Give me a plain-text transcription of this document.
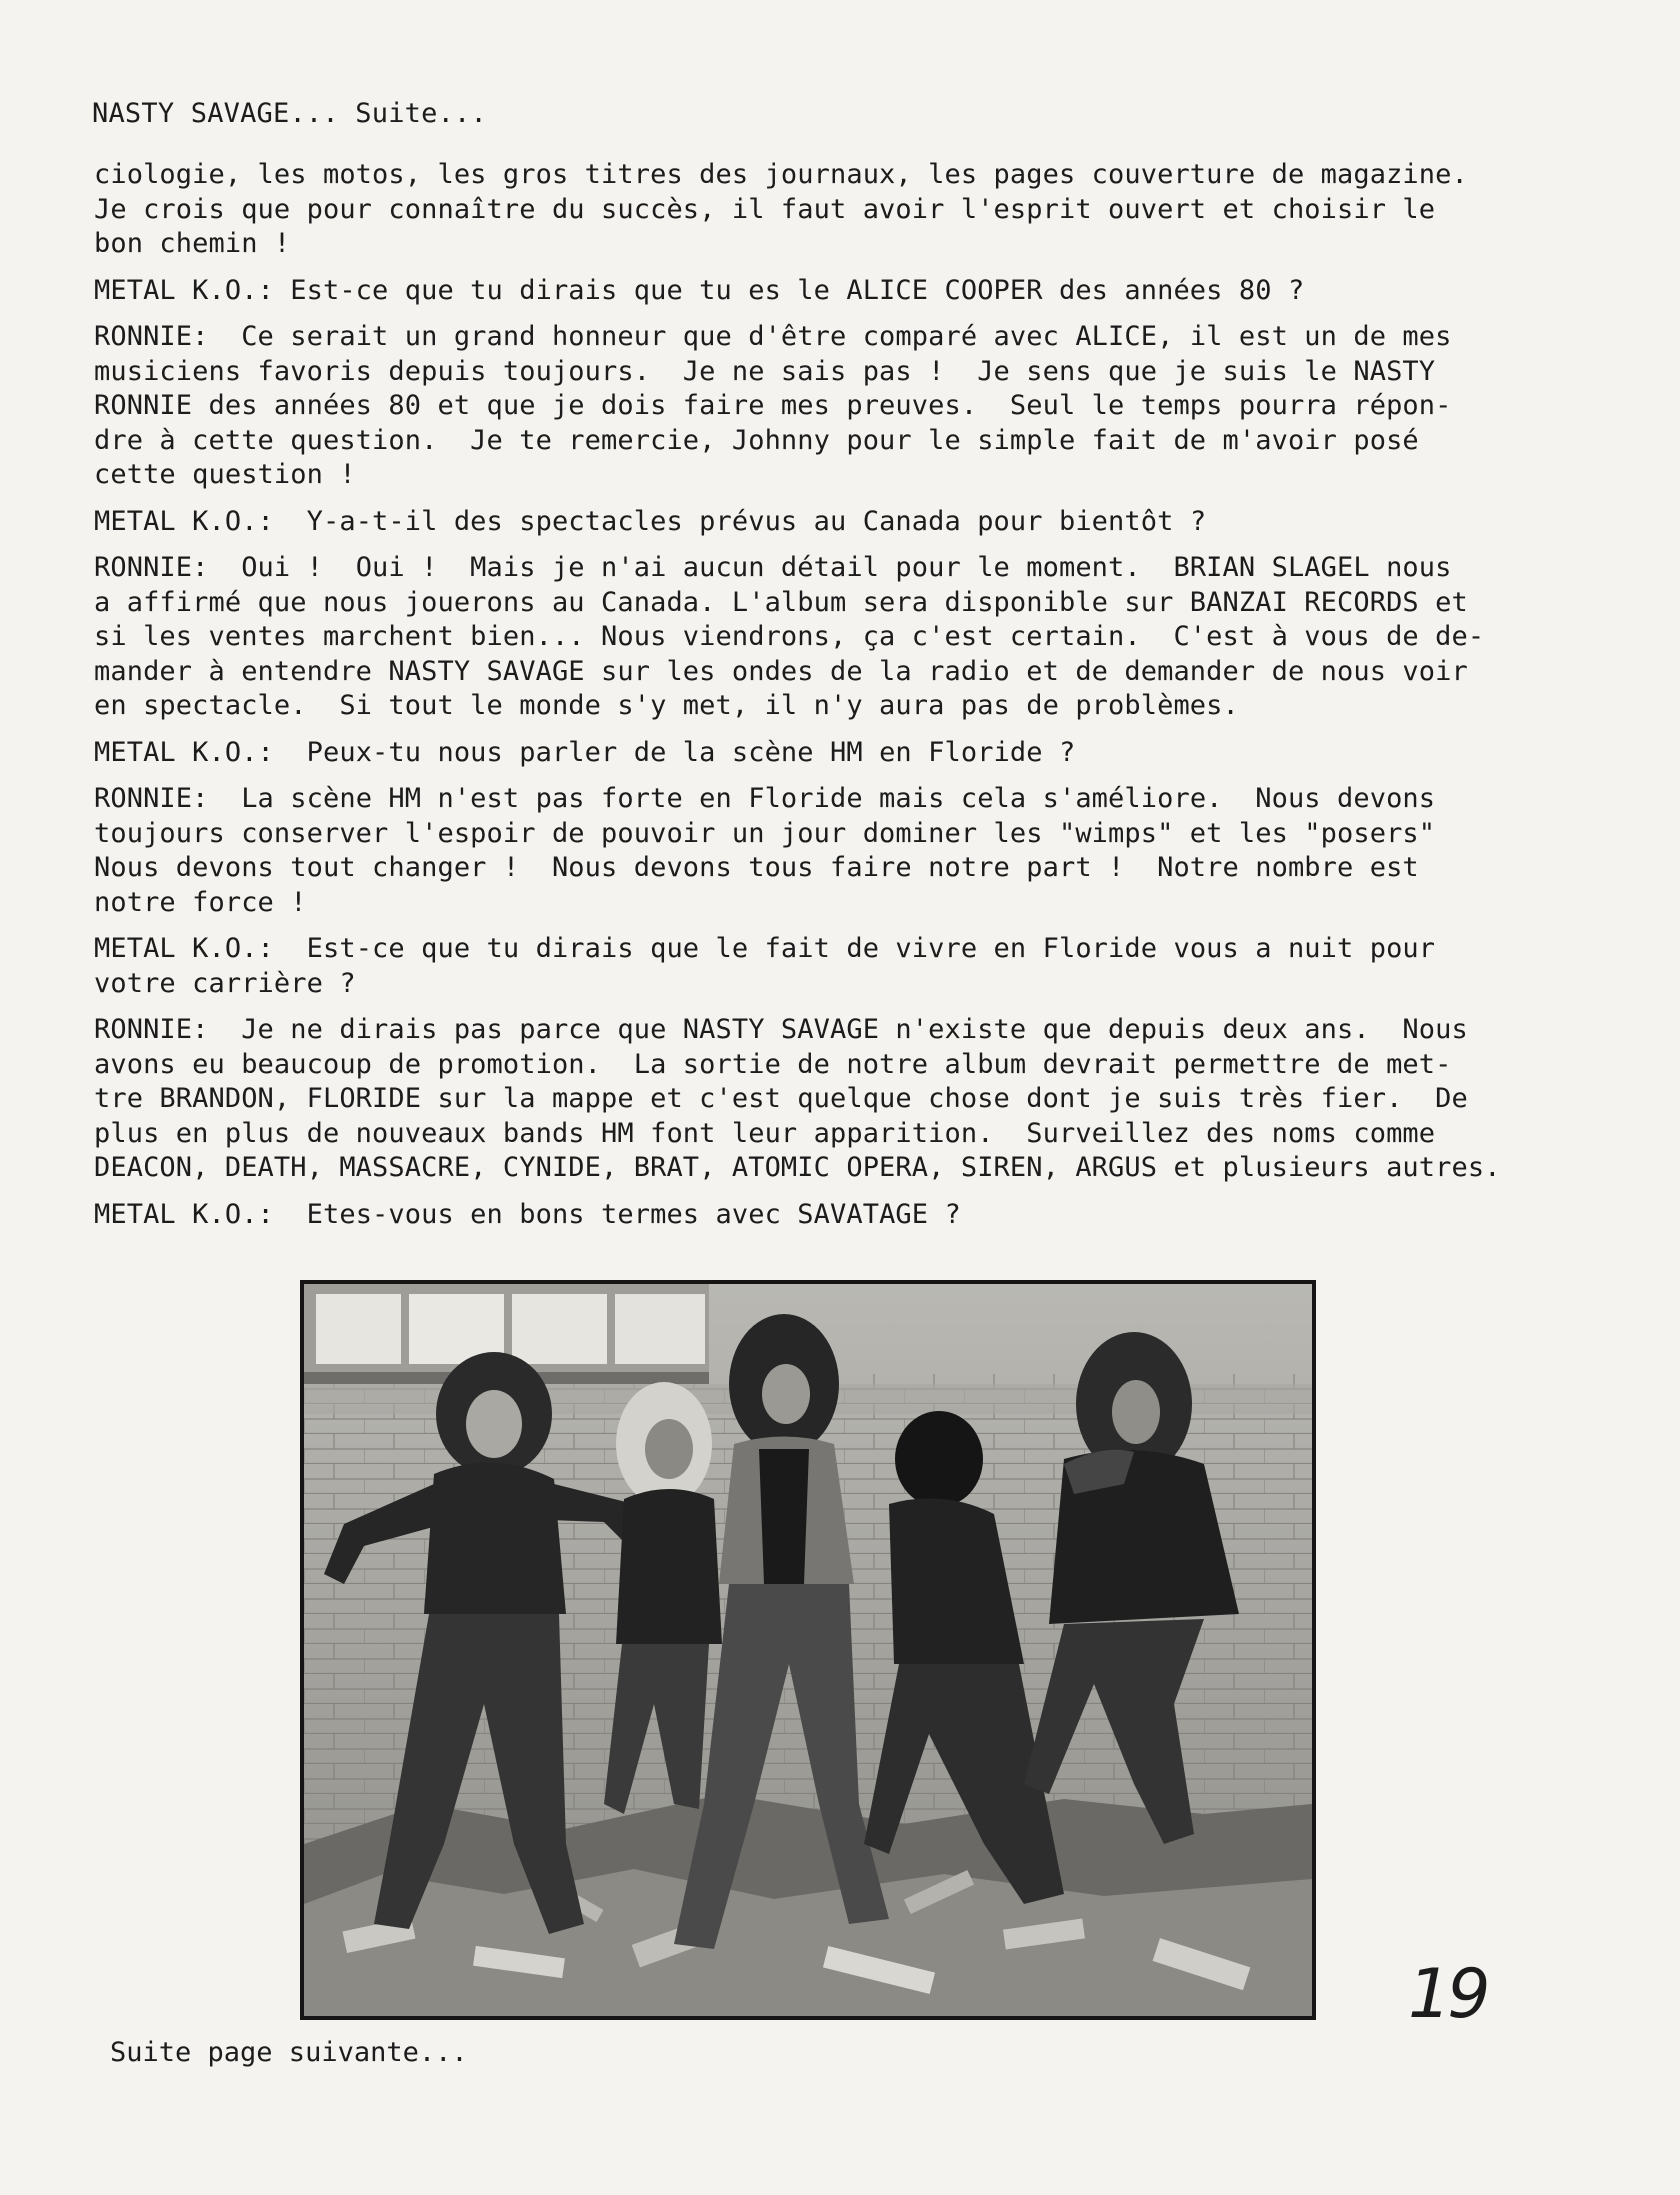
NASTY SAVAGE... Suite...

ciologie, les motos, les gros titres des journaux, les pages couverture de magazine.
Je crois que pour connaître du succès, il faut avoir l'esprit ouvert et choisir le
bon chemin !

METAL K.O.: Est-ce que tu dirais que tu es le ALICE COOPER des années 80 ?

RONNIE:  Ce serait un grand honneur que d'être comparé avec ALICE, il est un de mes
musiciens favoris depuis toujours.  Je ne sais pas !  Je sens que je suis le NASTY
RONNIE des années 80 et que je dois faire mes preuves.  Seul le temps pourra répon-
dre à cette question.  Je te remercie, Johnny pour le simple fait de m'avoir posé
cette question !

METAL K.O.:  Y-a-t-il des spectacles prévus au Canada pour bientôt ?

RONNIE:  Oui !  Oui !  Mais je n'ai aucun détail pour le moment.  BRIAN SLAGEL nous
a affirmé que nous jouerons au Canada. L'album sera disponible sur BANZAI RECORDS et
si les ventes marchent bien... Nous viendrons, ça c'est certain.  C'est à vous de de-
mander à entendre NASTY SAVAGE sur les ondes de la radio et de demander de nous voir
en spectacle.  Si tout le monde s'y met, il n'y aura pas de problèmes.

METAL K.O.:  Peux-tu nous parler de la scène HM en Floride ?

RONNIE:  La scène HM n'est pas forte en Floride mais cela s'améliore.  Nous devons
toujours conserver l'espoir de pouvoir un jour dominer les "wimps" et les "posers"
Nous devons tout changer !  Nous devons tous faire notre part !  Notre nombre est
notre force !

METAL K.O.:  Est-ce que tu dirais que le fait de vivre en Floride vous a nuit pour
votre carrière ?

RONNIE:  Je ne dirais pas parce que NASTY SAVAGE n'existe que depuis deux ans.  Nous
avons eu beaucoup de promotion.  La sortie de notre album devrait permettre de met-
tre BRANDON, FLORIDE sur la mappe et c'est quelque chose dont je suis très fier.  De
plus en plus de nouveaux bands HM font leur apparition.  Surveillez des noms comme
DEACON, DEATH, MASSACRE, CYNIDE, BRAT, ATOMIC OPERA, SIREN, ARGUS et plusieurs autres.

METAL K.O.:  Etes-vous en bons termes avec SAVATAGE ?

19
Suite page suivante...
